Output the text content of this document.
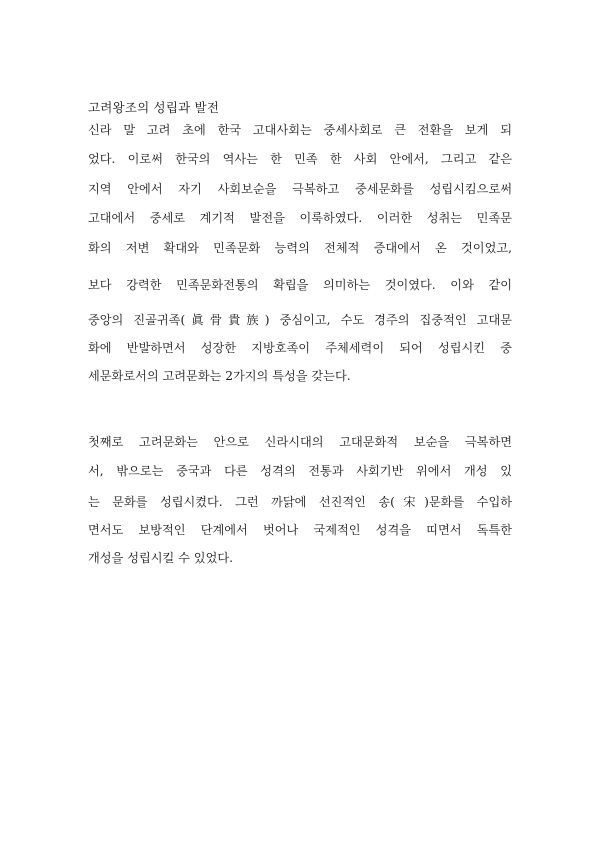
고려왕조의 성립과 발전
신라 말 고려 초에 한국 고대사회는 중세사회로 큰 전환을 보게 되
었다. 이로써 한국의 역사는 한 민족 한 사회 안에서, 그리고 같은
지역 안에서 자기 사회보순을 극복하고 중세문화를 성립시킴으로써
고대에서 중세로 계기적 발전을 이룩하였다. 이러한 성취는 민족문
화의 저변 확대와 민족문화 능력의 전체적 증대에서 온 것이었고,
보다 강력한 민족문화전통의 확립을 의미하는 것이였다. 이와 같이
중앙의 진골귀족(眞骨貴族) 중심이고, 수도 경주의 집중적인 고대문
화에 반발하면서 성장한 지방호족이 주체세력이 되어 성립시킨 중
세문화로서의 고려문화는 2가지의 특성을 갖는다.
첫째로 고려문화는 안으로 신라시대의 고대문화적 보순을 극복하면
서, 밖으로는 중국과 다른 성격의 전통과 사회기반 위에서 개성 있
는 문화를 성립시켰다. 그런 까닭에 선진적인 송(宋)문화를 수입하
면서도 보방적인 단계에서 벗어나 국제적인 성격을 띠면서 독특한
개성을 성립시킬 수 있었다.
